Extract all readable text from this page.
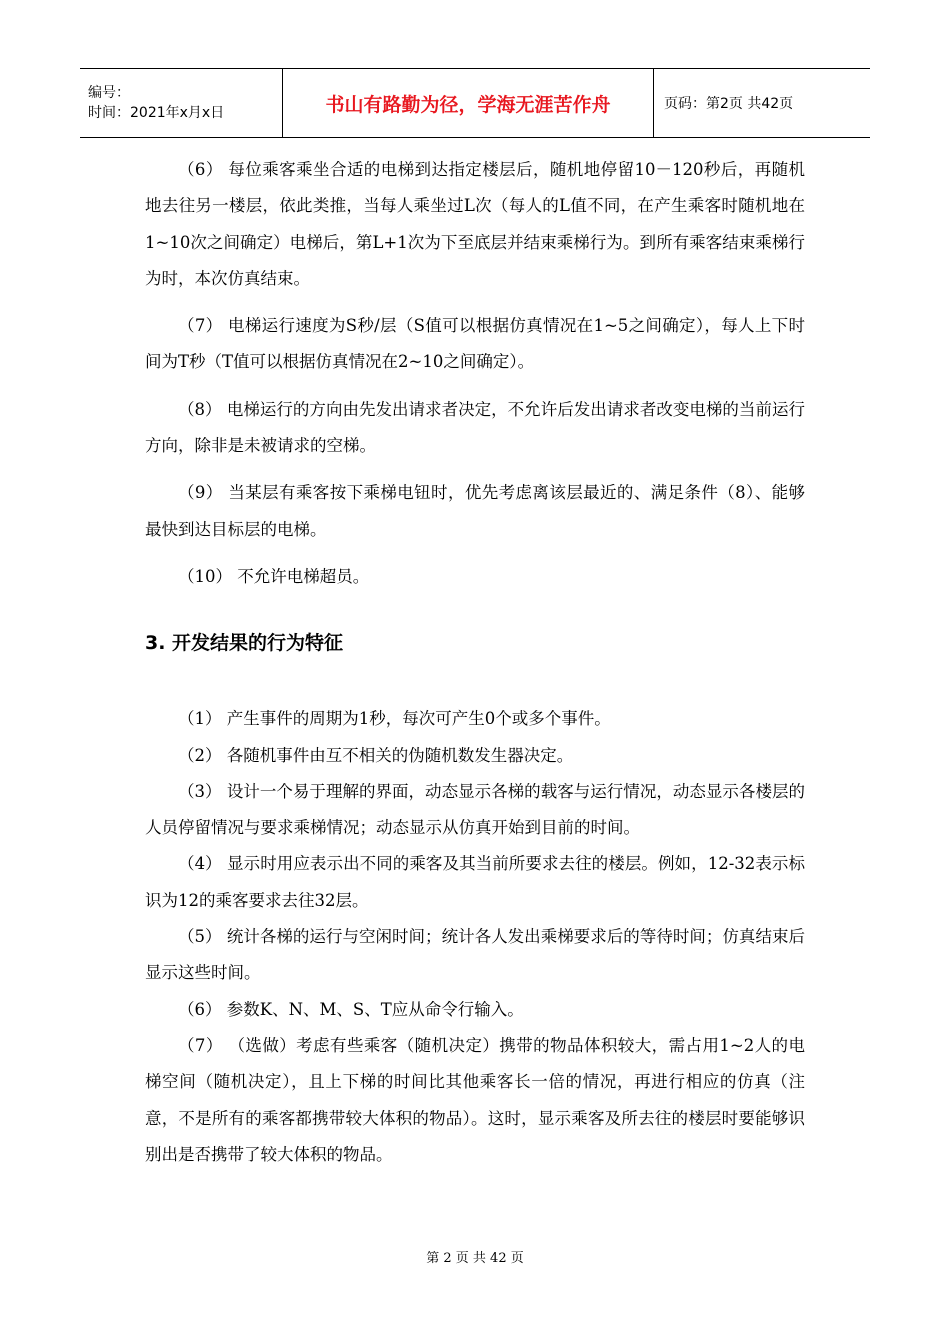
编号：
时间：2021年x月x日	书山有路勤为径，学海无涯苦作舟	页码：第2页 共42页

（6） 每位乘客乘坐合适的电梯到达指定楼层后，随机地停留10－120秒后，再随机地去往另一楼层，依此类推，当每人乘坐过L次（每人的L值不同，在产生乘客时随机地在1~10次之间确定）电梯后，第L+1次为下至底层并结束乘梯行为。到所有乘客结束乘梯行为时，本次仿真结束。

（7） 电梯运行速度为S秒/层（S值可以根据仿真情况在1~5之间确定），每人上下时间为T秒（T值可以根据仿真情况在2~10之间确定）。

（8） 电梯运行的方向由先发出请求者决定，不允许后发出请求者改变电梯的当前运行方向，除非是未被请求的空梯。

（9） 当某层有乘客按下乘梯电钮时，优先考虑离该层最近的、满足条件（8）、能够最快到达目标层的电梯。

（10） 不允许电梯超员。

3. 开发结果的行为特征

（1） 产生事件的周期为1秒，每次可产生0个或多个事件。

（2） 各随机事件由互不相关的伪随机数发生器决定。

（3） 设计一个易于理解的界面，动态显示各梯的载客与运行情况，动态显示各楼层的人员停留情况与要求乘梯情况；动态显示从仿真开始到目前的时间。

（4） 显示时用应表示出不同的乘客及其当前所要求去往的楼层。例如，12-32表示标识为12的乘客要求去往32层。

（5） 统计各梯的运行与空闲时间；统计各人发出乘梯要求后的等待时间；仿真结束后显示这些时间。

（6） 参数K、N、M、S、T应从命令行输入。

（7） （选做）考虑有些乘客（随机决定）携带的物品体积较大，需占用1~2人的电梯空间（随机决定），且上下梯的时间比其他乘客长一倍的情况，再进行相应的仿真（注意，不是所有的乘客都携带较大体积的物品）。这时，显示乘客及所去往的楼层时要能够识别出是否携带了较大体积的物品。

第 2 页 共 42 页
